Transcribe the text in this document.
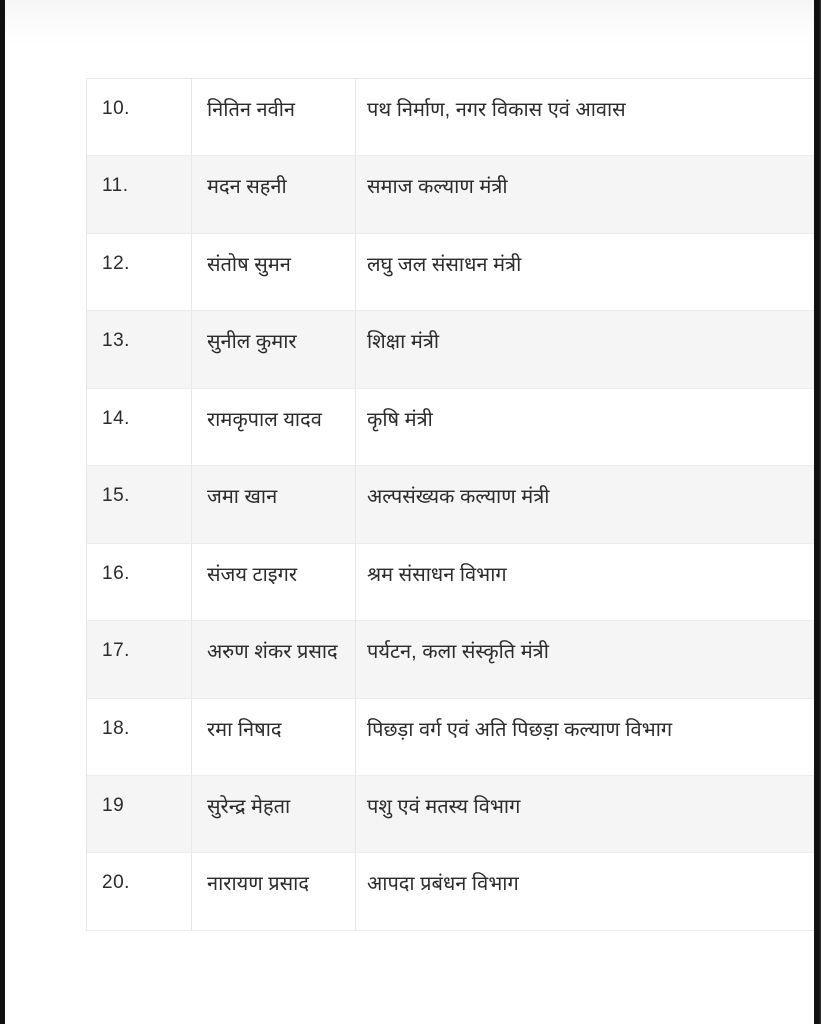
10.	नितिन नवीन	पथ निर्माण, नगर विकास एवं आवास
11.	मदन सहनी	समाज कल्याण मंत्री
12.	संतोष सुमन	लघु जल संसाधन मंत्री
13.	सुनील कुमार	शिक्षा मंत्री
14.	रामकृपाल यादव	कृषि मंत्री
15.	जमा खान	अल्पसंख्यक कल्याण मंत्री
16.	संजय टाइगर	श्रम संसाधन विभाग
17.	अरुण शंकर प्रसाद	पर्यटन, कला संस्कृति मंत्री
18.	रमा निषाद	पिछड़ा वर्ग एवं अति पिछड़ा कल्याण विभाग
19	सुरेन्द्र मेहता	पशु एवं मतस्य विभाग
20.	नारायण प्रसाद	आपदा प्रबंधन विभाग
